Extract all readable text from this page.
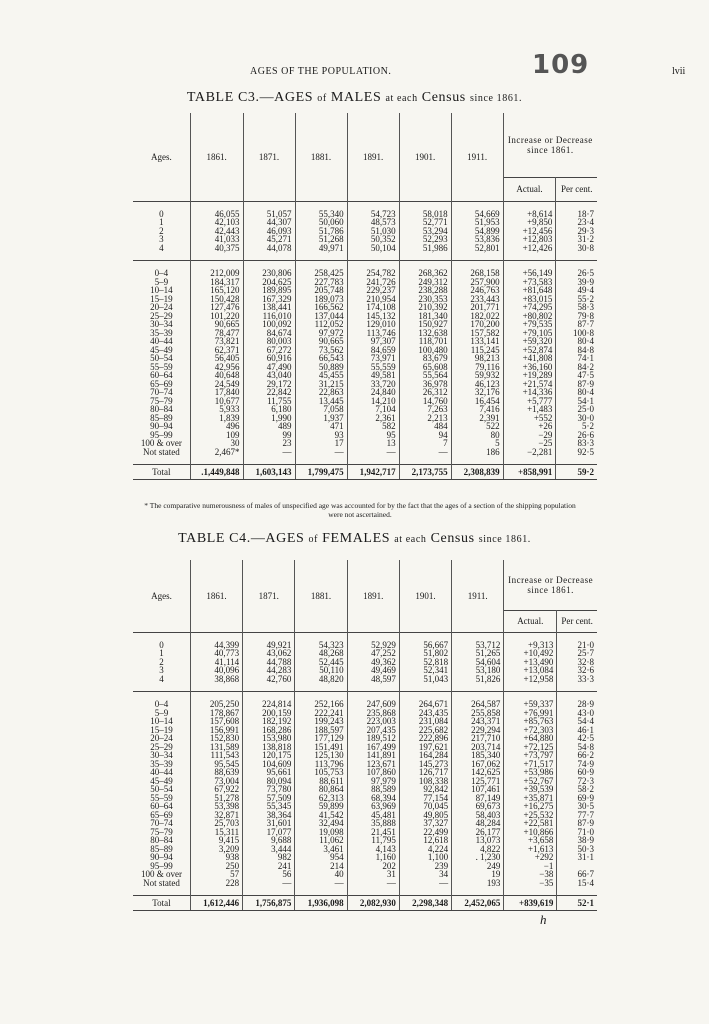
AGES OF THE POPULATION.	109	lvii
TABLE C3.—AGES of MALES at each Census since 1861.
Ages.	1861.	1871.	1881.	1891.	1901.	1911.	Increase or Decrease since 1861.	
							Actual.	Per cent.

0	46,055	51,057	55,340	54,723	58,018	54,669	+8,614	18·7
1	42,103	44,307	50,060	48,573	52,771	51,953	+9,850	23·4
2	42,443	46,093	51,786	51,030	53,294	54,899	+12,456	29·3
3	41,033	45,271	51,268	50,352	52,293	53,836	+12,803	31·2
4	40,375	44,078	49,971	50,104	51,986	52,801	+12,426	30·8

0–4	212,009	230,806	258,425	254,782	268,362	268,158	+56,149	26·5
5–9	184,317	204,625	227,783	241,726	249,312	257,900	+73,583	39·9
10–14	165,120	189,895	205,748	229,237	238,288	246,763	+81,648	49·4
15–19	150,428	167,329	189,073	210,954	230,353	233,443	+83,015	55·2
20–24	127,476	138,441	166,562	174,108	210,392	201,771	+74,295	58·3
25–29	101,220	116,010	137,044	145,132	181,340	182,022	+80,802	79·8
30–34	90,665	100,092	112,052	129,010	150,927	170,200	+79,535	87·7
35–39	78,477	84,674	97,972	113,746	132,638	157,582	+79,105	100·8
40–44	73,821	80,003	90,665	97,307	118,701	133,141	+59,320	80·4
45–49	62,371	67,272	73,562	84,659	100,480	115,245	+52,874	84·8
50–54	56,405	60,916	66,543	73,971	83,679	98,213	+41,808	74·1
55–59	42,956	47,490	50,889	55,559	65,608	79,116	+36,160	84·2
60–64	40,648	43,040	45,455	49,581	55,564	59,932	+19,289	47·5
65–69	24,549	29,172	31,215	33,720	36,978	46,123	+21,574	87·9
70–74	17,840	22,842	22,863	24,840	26,312	32,176	+14,336	80·4
75–79	10,677	11,755	13,445	14,210	14,760	16,454	+5,777	54·1
80–84	5,933	6,180	7,058	7,104	7,263	7,416	+1,483	25·0
85–89	1,839	1,990	1,937	2,361	2,213	2,391	+552	30·0
90–94	496	489	471	582	484	522	+26	5·2
95–99	109	99	93	95	94	80	−29	26·6
100 & over	30	23	17	13	7	5	−25	83·3
Not stated	2,467*	—	—	—	—	186	−2,281	92·5

Total	.1,449,848	1,603,143	1,799,475	1,942,717	2,173,755	2,308,839	+858,991	59·2
* The comparative numerousness of males of unspecified age was accounted for by the fact that the ages of a section of the shipping population were not ascertained.
TABLE C4.—AGES of FEMALES at each Census since 1861.
Ages.	1861.	1871.	1881.	1891.	1901.	1911.	Increase or Decrease since 1861.	
							Actual.	Per cent.

0	44,399	49,921	54,323	52,929	56,667	53,712	+9,313	21·0
1	40,773	43,062	48,268	47,252	51,802	51,265	+10,492	25·7
2	41,114	44,788	52,445	49,362	52,818	54,604	+13,490	32·8
3	40,096	44,283	50,110	49,469	52,341	53,180	+13,084	32·6
4	38,868	42,760	48,820	48,597	51,043	51,826	+12,958	33·3

0–4	205,250	224,814	252,166	247,609	264,671	264,587	+59,337	28·9
5–9	178,867	200,159	222,241	235,868	243,435	255,858	+76,991	43·0
10–14	157,608	182,192	199,243	223,003	231,084	243,371	+85,763	54·4
15–19	156,991	168,286	188,597	207,435	225,682	229,294	+72,303	46·1
20–24	152,830	153,980	177,129	189,512	222,896	217,710	+64,880	42·5
25–29	131,589	138,818	151,491	167,499	197,621	203,714	+72,125	54·8
30–34	111,543	120,175	125,130	141,891	164,284	185,340	+73,797	66·2
35–39	95,545	104,609	113,796	123,671	145,273	167,062	+71,517	74·9
40–44	88,639	95,661	105,753	107,860	126,717	142,625	+53,986	60·9
45–49	73,004	80,094	88,611	97,979	108,338	125,771	+52,767	72·3
50–54	67,922	73,780	80,864	88,589	92,842	107,461	+39,539	58·2
55–59	51,278	57,509	62,313	68,394	77,154	87,149	+35,871	69·9
60–64	53,398	55,345	59,899	63,969	70,045	69,673	+16,275	30·5
65–69	32,871	38,364	41,542	45,481	49,805	58,403	+25,532	77·7
70–74	25,703	31,601	32,494	35,888	37,327	48,284	+22,581	87·9
75–79	15,311	17,077	19,098	21,451	22,499	26,177	+10,866	71·0
80–84	9,415	9,688	11,062	11,795	12,618	13,073	+3,658	38·9
85–89	3,209	3,444	3,461	4,143	4,224	4,822	+1,613	50·3
90–94	938	982	954	1,160	1,100	. 1,230	+292	31·1
95–99	250	241	214	202	239	249	−1	
100 & over	57	56	40	31	34	19	−38	66·7
Not stated	228	—	—	—	—	193	−35	15·4

Total	1,612,446	1,756,875	1,936,098	2,082,930	2,298,348	2,452,065	+839,619	52·1
h
